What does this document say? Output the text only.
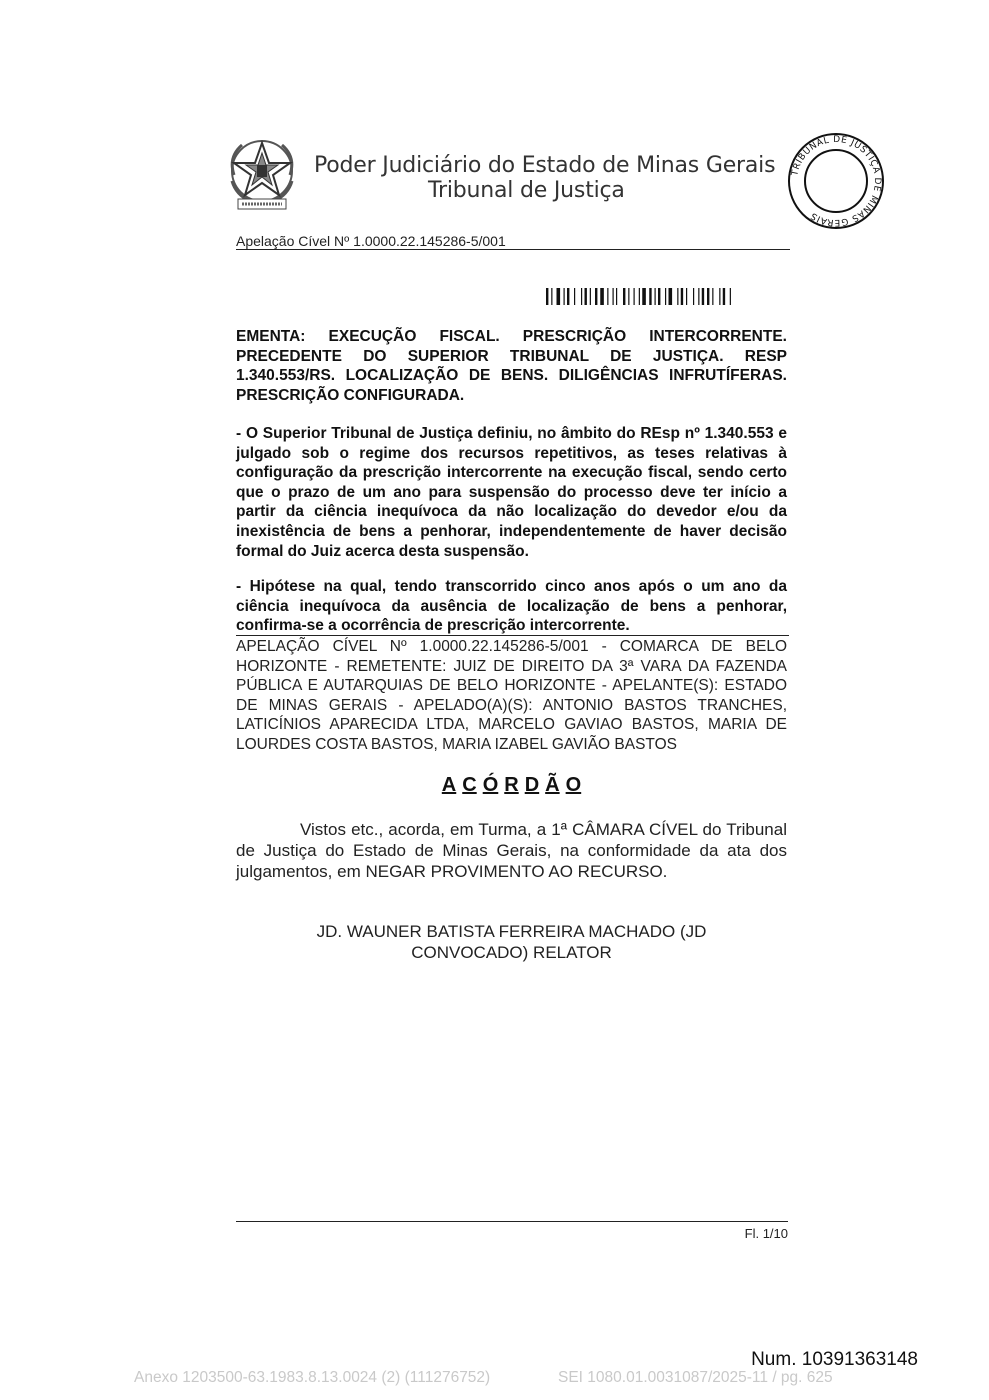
Poder Judiciário do Estado de Minas Gerais
Tribunal de Justiça
TRIBUNAL DE JUSTIÇA DE MINAS GERAIS
Apelação Cível Nº 1.0000.22.145286-5/001
EMENTA: EXECUÇÃO FISCAL. PRESCRIÇÃO INTERCORRENTE. PRECEDENTE DO SUPERIOR TRIBUNAL DE JUSTIÇA. RESP 1.340.553/RS. LOCALIZAÇÃO DE BENS. DILIGÊNCIAS INFRUTÍFERAS. PRESCRIÇÃO CONFIGURADA.
- O Superior Tribunal de Justiça definiu, no âmbito do REsp nº 1.340.553 e julgado sob o regime dos recursos repetitivos, as teses relativas à configuração da prescrição intercorrente na execução fiscal, sendo certo que o prazo de um ano para suspensão do processo deve ter início a partir da ciência inequívoca da não localização do devedor e/ou da inexistência de bens a penhorar, independentemente de haver decisão formal do Juiz acerca desta suspensão.
- Hipótese na qual, tendo transcorrido cinco anos após o um ano da ciência inequívoca da ausência de localização de bens a penhorar, confirma-se a ocorrência de prescrição intercorrente.
APELAÇÃO CÍVEL Nº 1.0000.22.145286-5/001 - COMARCA DE BELO HORIZONTE - REMETENTE: JUIZ DE DIREITO DA 3ª VARA DA FAZENDA PÚBLICA E AUTARQUIAS DE BELO HORIZONTE - APELANTE(S): ESTADO DE MINAS GERAIS - APELADO(A)(S): ANTONIO BASTOS TRANCHES, LATICÍNIOS APARECIDA LTDA, MARCELO GAVIAO BASTOS, MARIA DE LOURDES COSTA BASTOS, MARIA IZABEL GAVIÃO BASTOS
A C Ó R D Ã O
Vistos etc., acorda, em Turma, a 1ª CÂMARA CÍVEL do Tribunal de Justiça do Estado de Minas Gerais, na conformidade da ata dos julgamentos, em NEGAR PROVIMENTO AO RECURSO.
JD. WAUNER BATISTA FERREIRA MACHADO (JD
CONVOCADO) RELATOR
Fl. 1/10
Num. 10391363148
Anexo 1203500-63.1983.8.13.0024 (2) (111276752)	SEI 1080.01.0031087/2025-11 / pg. 625
